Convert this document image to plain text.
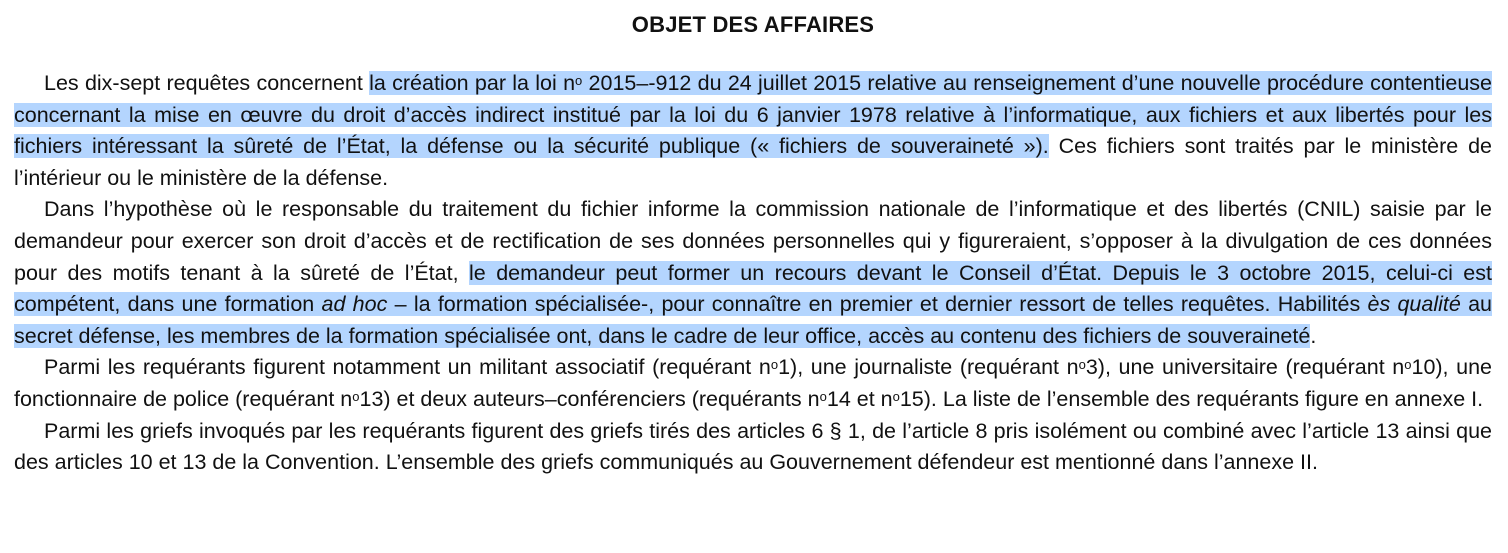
OBJET DES AFFAIRES

Les dix-sept requêtes concernent la création par la loi $n^o$ 2015–-912 du 24 juillet 2015 relative au renseignement d’une nouvelle procédure contentieuse concernant la mise en œuvre du droit d’accès indirect institué par la loi du 6 janvier 1978 relative à l’informatique, aux fichiers et aux libertés pour les fichiers intéressant la sûreté de l’État, la défense ou la sécurité publique (« fichiers de souveraineté »). Ces fichiers sont traités par le ministère de l’intérieur ou le ministère de la défense.

Dans l’hypothèse où le responsable du traitement du fichier informe la commission nationale de l’informatique et des libertés (CNIL) saisie par le demandeur pour exercer son droit d’accès et de rectification de ses données personnelles qui y figureraient, s’opposer à la divulgation de ces données pour des motifs tenant à la sûreté de l’État, le demandeur peut former un recours devant le Conseil d’État. Depuis le 3 octobre 2015, celui-ci est compétent, dans une formation ad hoc – la formation spécialisée-, pour connaître en premier et dernier ressort de telles requêtes. Habilités ès qualité au secret défense, les membres de la formation spécialisée ont, dans le cadre de leur office, accès au contenu des fichiers de souveraineté.

Parmi les requérants figurent notamment un militant associatif (requérant $n^o1$), une journaliste (requérant $n^o3$), une universitaire (requérant $n^o10$), une fonctionnaire de police (requérant $n^o13$) et deux auteurs–conférenciers (requérants $n^o14$ et $n^o15$). La liste de l’ensemble des requérants figure en annexe I.

Parmi les griefs invoqués par les requérants figurent des griefs tirés des articles 6 § 1, de l’article 8 pris isolément ou combiné avec l’article 13 ainsi que des articles 10 et 13 de la Convention. L’ensemble des griefs communiqués au Gouvernement défendeur est mentionné dans l’annexe II.
